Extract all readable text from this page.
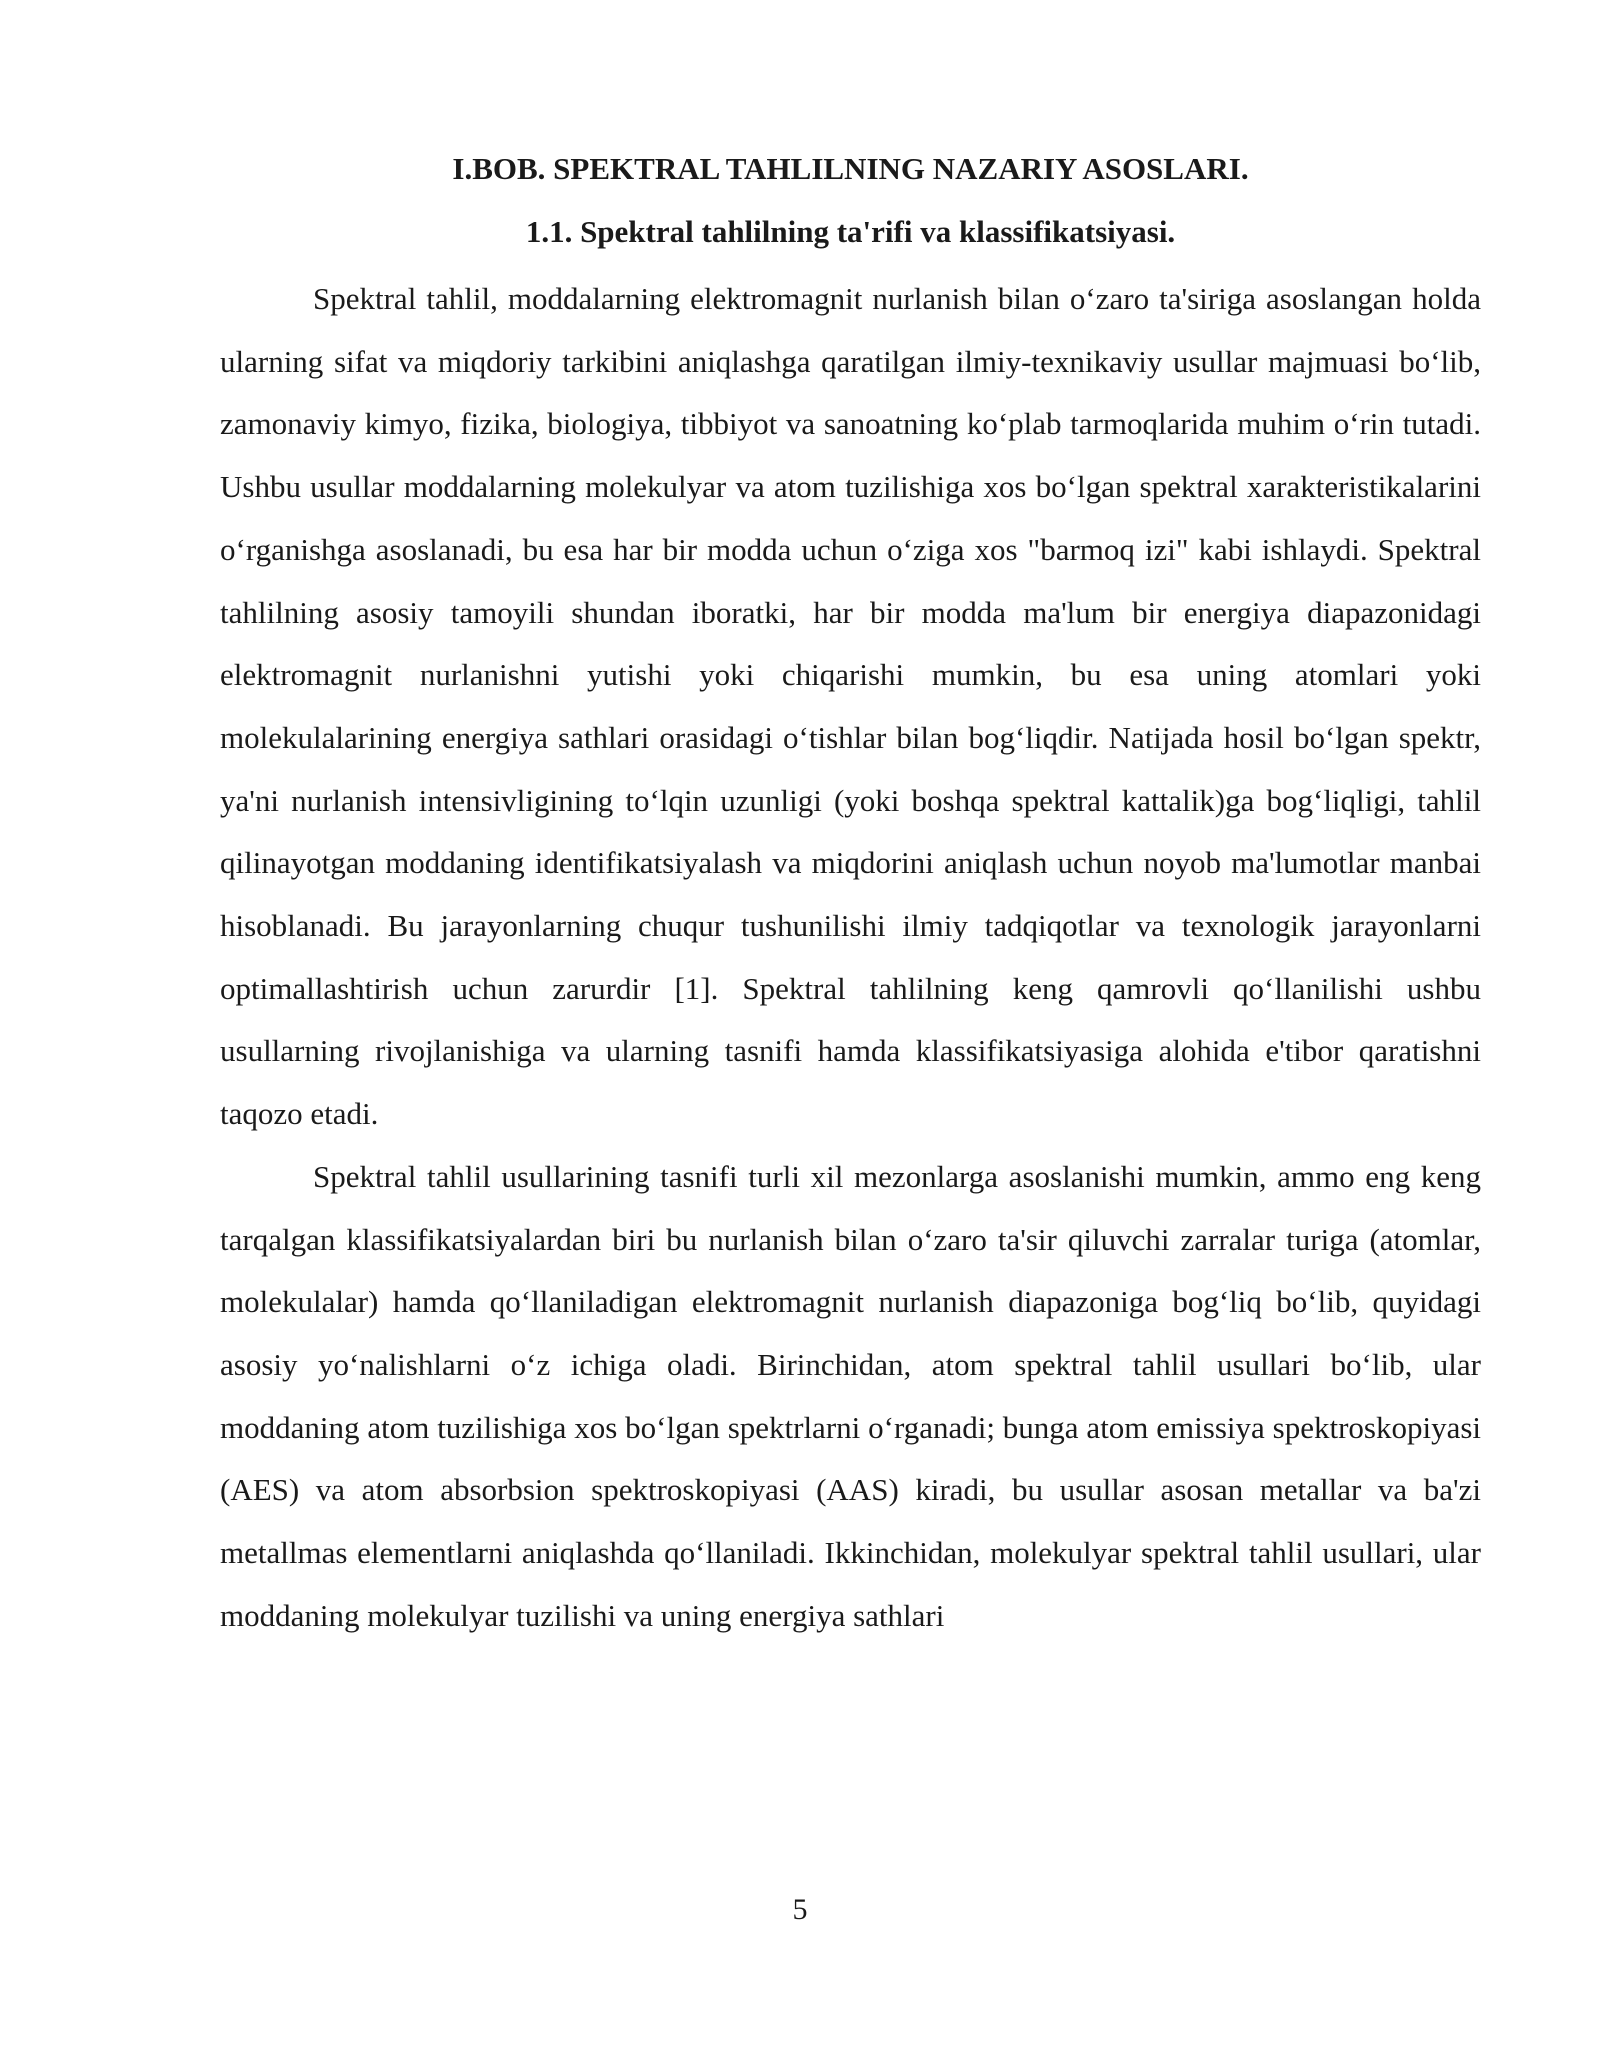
I.BOB. SPEKTRAL TAHLILNING NAZARIY ASOSLARI.
1.1. Spektral tahlilning ta'rifi va klassifikatsiyasi.

Spektral tahlil, moddalarning elektromagnit nurlanish bilan o‘zaro ta'siriga asoslangan holda ularning sifat va miqdoriy tarkibini aniqlashga qaratilgan ilmiy-texnikaviy usullar majmuasi bo‘lib, zamonaviy kimyo, fizika, biologiya, tibbiyot va sanoatning ko‘plab tarmoqlarida muhim o‘rin tutadi. Ushbu usullar moddalarning molekulyar va atom tuzilishiga xos bo‘lgan spektral xarakteristikalarini o‘rganishga asoslanadi, bu esa har bir modda uchun o‘ziga xos "barmoq izi" kabi ishlaydi. Spektral tahlilning asosiy tamoyili shundan iboratki, har bir modda ma'lum bir energiya diapazonidagi elektromagnit nurlanishni yutishi yoki chiqarishi mumkin, bu esa uning atomlari yoki molekulalarining energiya sathlari orasidagi o‘tishlar bilan bog‘liqdir. Natijada hosil bo‘lgan spektr, ya'ni nurlanish intensivligining to‘lqin uzunligi (yoki boshqa spektral kattalik)ga bog‘liqligi, tahlil qilinayotgan moddaning identifikatsiyalash va miqdorini aniqlash uchun noyob ma'lumotlar manbai hisoblanadi. Bu jarayonlarning chuqur tushunilishi ilmiy tadqiqotlar va texnologik jarayonlarni optimallashtirish uchun zarurdir [1]. Spektral tahlilning keng qamrovli qo‘llanilishi ushbu usullarning rivojlanishiga va ularning tasnifi hamda klassifikatsiyasiga alohida e'tibor qaratishni taqozo etadi.

Spektral tahlil usullarining tasnifi turli xil mezonlarga asoslanishi mumkin, ammo eng keng tarqalgan klassifikatsiyalardan biri bu nurlanish bilan o‘zaro ta'sir qiluvchi zarralar turiga (atomlar, molekulalar) hamda qo‘llaniladigan elektromagnit nurlanish diapazoniga bog‘liq bo‘lib, quyidagi asosiy yo‘nalishlarni o‘z ichiga oladi. Birinchidan, atom spektral tahlil usullari bo‘lib, ular moddaning atom tuzilishiga xos bo‘lgan spektrlarni o‘rganadi; bunga atom emissiya spektroskopiyasi (AES) va atom absorbsion spektroskopiyasi (AAS) kiradi, bu usullar asosan metallar va ba'zi metallmas elementlarni aniqlashda qo‘llaniladi. Ikkinchidan, molekulyar spektral tahlil usullari, ular moddaning molekulyar tuzilishi va uning energiya sathlari

5
